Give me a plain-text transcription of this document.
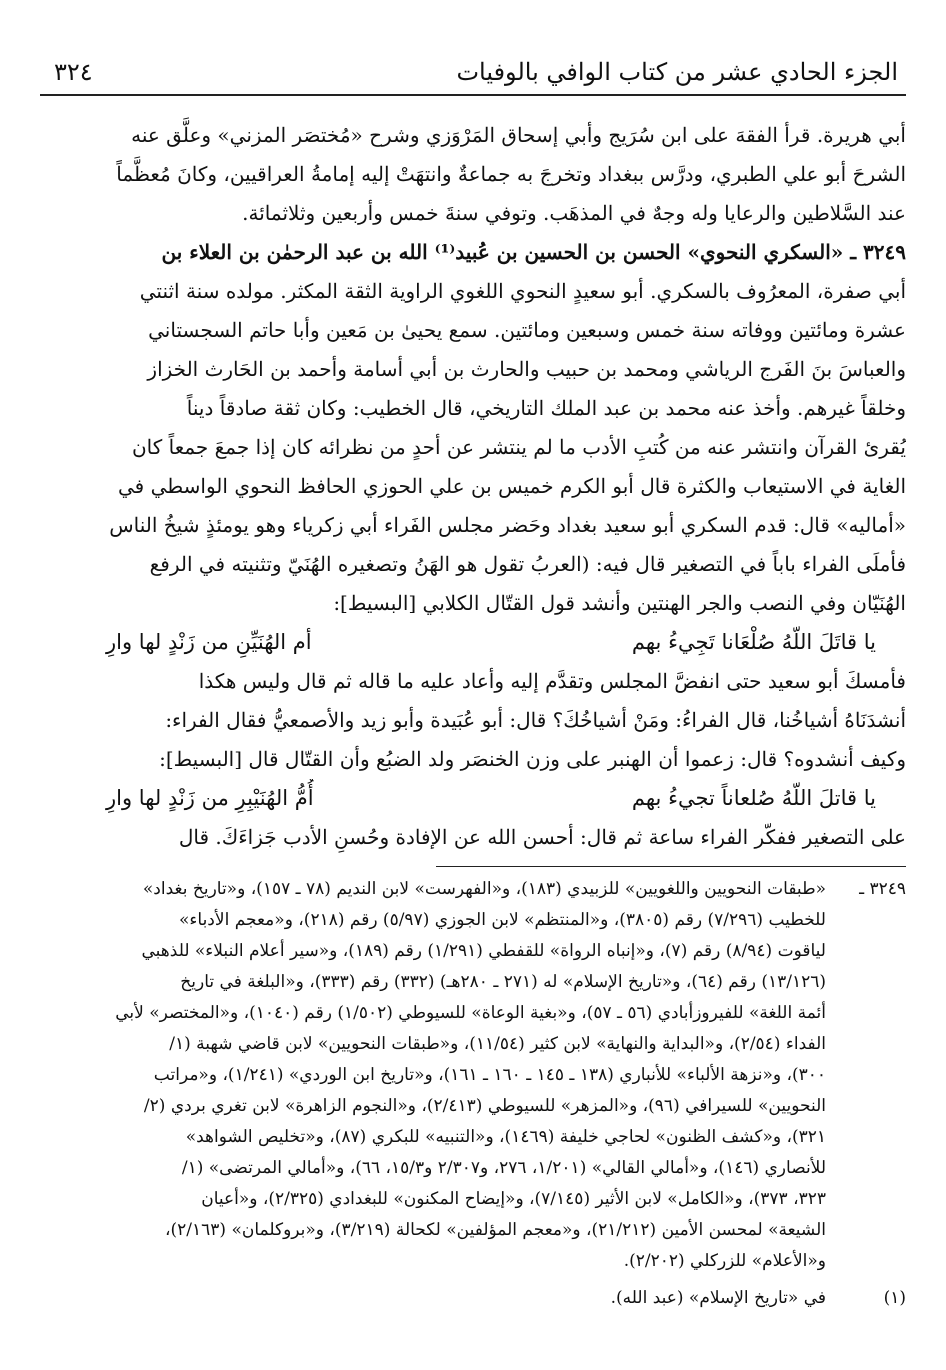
الجزء الحادي عشر من كتاب الوافي بالوفيات
٣٢٤
أبي هريرة. قرأ الفقهَ على ابن سُرَيج وأبي إسحاق المَرْوَزي وشرح «مُختصَر المزني» وعلَّق عنه
الشرحَ أبو علي الطبري، ودرَّس ببغداد وتخرجَ به جماعةٌ وانتهَتْ إليه إمامةُ العراقيين، وكانَ مُعظَّماً
عند السَّلاطين والرعايا وله وجهٌ في المذهَب. وتوفي سنةَ خمس وأربعين وثلاثمائة.
٣٢٤٩ ـ «السكري النحوي» الحسن بن الحسين بن عُبيد⁽¹⁾ الله بن عبد الرحمٰن بن العلاء بن
أبي صفرة، المعرُوف بالسكري. أبو سعيدٍ النحوي اللغوي الراوية الثقة المكثر. مولده سنة اثنتي
عشرة ومائتين ووفاته سنة خمس وسبعين ومائتين. سمع يحيىٰ بن مَعين وأبا حاتم السجستاني
والعباسَ بنَ الفَرج الرياشي ومحمد بن حبيب والحارث بن أبي أسامة وأحمد بن الحَارث الخزاز
وخلقاً غيرهم. وأخذ عنه محمد بن عبد الملك التاريخي، قال الخطيب: وكان ثقة صادقاً ديناً
يُقرئ القرآن وانتشر عنه من كُتبِ الأدب ما لم ينتشر عن أحدٍ من نظرائه كان إذا جمعَ جمعاً كان
الغاية في الاستيعاب والكثرة قال أبو الكرم خميس بن علي الحوزي الحافظ النحوي الواسطي في
«أماليه» قال: قدم السكري أبو سعيد بغداد وحَضر مجلس الفَراء أبي زكرياء وهو يومئذٍ شيخُ الناس
فأملَى الفراء باباً في التصغير قال فيه: (العربُ تقول هو الهَنُ وتصغيره الهُنَيّ وتثنيته في الرفع
الهُنَيّان وفي النصب والجر الهنتين وأنشد قول القتّال الكلابي [البسيط]:
يا قاتَلَ اللّهُ صُلْعَانا تَجِيءُ بهم
أم الهُنَيِّنِ من زَنْدٍ لها وارِ
فأمسكَ أبو سعيد حتى انفضَّ المجلس وتقدَّم إليه وأعاد عليه ما قاله ثم قال وليس هكذا
أنشدَنَاهُ أشياخُنا، قال الفراءُ: ومَنْ أشياخُكَ؟ قال: أبو عُبَيدة وأبو زيد والأصمعيُّ فقال الفراء:
وكيف أنشدوه؟ قال: زعموا أن الهنبر على وزن الخنصَر ولد الضبُع وأن القتّال قال [البسيط]:
يا قاتلَ اللّهُ صُلعاناً تجيءُ بهم
أُمُّ الهُنَيْبِرِ من زَنْدٍ لها وارِ
على التصغير ففكّر الفراء ساعة ثم قال: أحسن الله عن الإفادة وحُسنِ الأدب جَزاءَكَ. قال
٣٢٤٩ ـ«طبقات النحويين واللغويين» للزبيدي (١٨٣)، و«الفهرست» لابن النديم (٧٨ ـ ١٥٧)، و«تاريخ بغداد»
للخطيب (٧/٢٩٦) رقم (٣٨٠٥)، و«المنتظم» لابن الجوزي (٥/٩٧) رقم (٢١٨)، و«معجم الأدباء»
لياقوت (٨/٩٤) رقم (٧)، و«إنباه الرواة» للقفطي (١/٢٩١) رقم (١٨٩)، و«سير أعلام النبلاء» للذهبي
(١٣/١٢٦) رقم (٦٤)، و«تاريخ الإسلام» له (٢٧١ ـ ٢٨٠هـ) (٣٣٢) رقم (٣٣٣)، و«البلغة في تاريخ
أئمة اللغة» للفيروزأبادي (٥٦ ـ ٥٧)، و«بغية الوعاة» للسيوطي (١/٥٠٢) رقم (١٠٤٠)، و«المختصر» لأبي
الفداء (٢/٥٤)، و«البداية والنهاية» لابن كثير (١١/٥٤)، و«طبقات النحويين» لابن قاضي شهبة (١/
٣٠٠)، و«نزهة الألباء» للأنباري (١٣٨ ـ ١٤٥ ـ ١٦٠ ـ ١٦١)، و«تاريخ ابن الوردي» (١/٢٤١)، و«مراتب
النحويين» للسيرافي (٩٦)، و«المزهر» للسيوطي (٢/٤١٣)، و«النجوم الزاهرة» لابن تغري بردي (٢/
٣٢١)، و«كشف الظنون» لحاجي خليفة (١٤٦٩)، و«التنبيه» للبكري (٨٧)، و«تخليص الشواهد»
للأنصاري (١٤٦)، و«أمالي القالي» (١/٢٠١، ٢٧٦، و٢/٣٠٧ و١٥/٣، ٦٦)، و«أمالي المرتضى» (١/
٣٢٣، ٣٧٣)، و«الكامل» لابن الأثير (٧/١٤٥)، و«إيضاح المكنون» للبغدادي (٢/٣٢٥)، و«أعيان
الشيعة» لمحسن الأمين (٢١/٢١٢)، و«معجم المؤلفين» لكحالة (٣/٢١٩)، و«بروكلمان» (٢/١٦٣)،
و«الأعلام» للزركلي (٢/٢٠٢).
(١)في «تاريخ الإسلام» (عبد الله).
